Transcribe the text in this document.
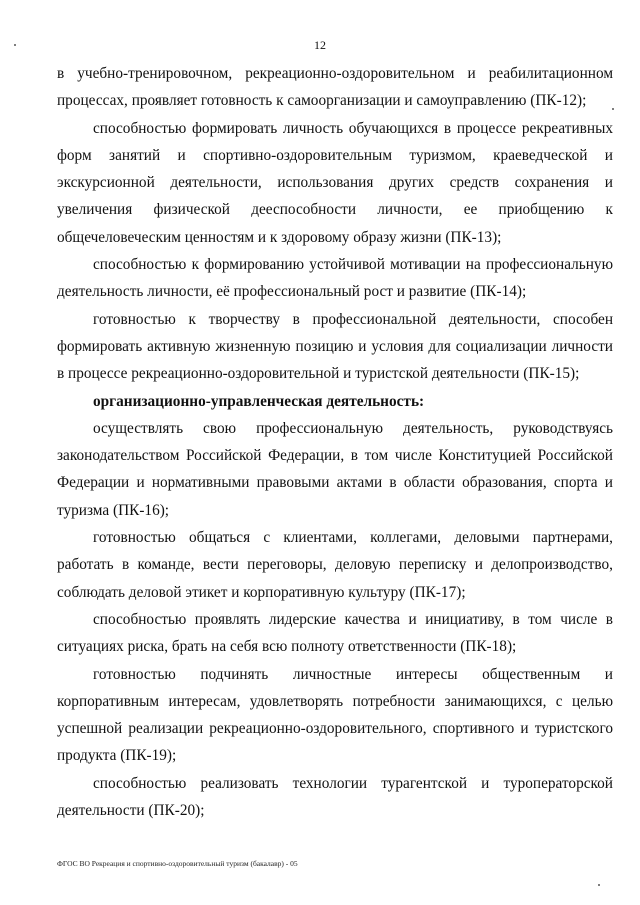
12

в учебно-тренировочном, рекреационно-оздоровительном и реабилитационном процессах, проявляет готовность к самоорганизации и самоуправлению (ПК-12);

способностью формировать личность обучающихся в процессе рекреативных форм занятий и спортивно-оздоровительным туризмом, краеведческой и экскурсионной деятельности, использования других средств сохранения и увеличения физической дееспособности личности, ее приобщению к общечеловеческим ценностям и к здоровому образу жизни (ПК-13);

способностью к формированию устойчивой мотивации на профессиональную деятельность личности, её профессиональный рост и развитие (ПК-14);

готовностью к творчеству в профессиональной деятельности, способен формировать активную жизненную позицию и условия для социализации личности в процессе рекреационно-оздоровительной и туристской деятельности (ПК-15);

организационно-управленческая деятельность:

осуществлять свою профессиональную деятельность, руководствуясь законодательством Российской Федерации, в том числе Конституцией Российской Федерации и нормативными правовыми актами в области образования, спорта и туризма (ПК-16);

готовностью общаться с клиентами, коллегами, деловыми партнерами, работать в команде, вести переговоры, деловую переписку и делопроизводство, соблюдать деловой этикет и корпоративную культуру (ПК-17);

способностью проявлять лидерские качества и инициативу, в том числе в ситуациях риска, брать на себя всю полноту ответственности (ПК-18);

готовностью подчинять личностные интересы общественным и корпоративным интересам, удовлетворять потребности занимающихся, с целью успешной реализации рекреационно-оздоровительного, спортивного и туристского продукта (ПК-19);

способностью реализовать технологии турагентской и туроператорской деятельности (ПК-20);

ФГОС ВО Рекреация и спортивно-оздоровительный туризм (бакалавр) - 05
